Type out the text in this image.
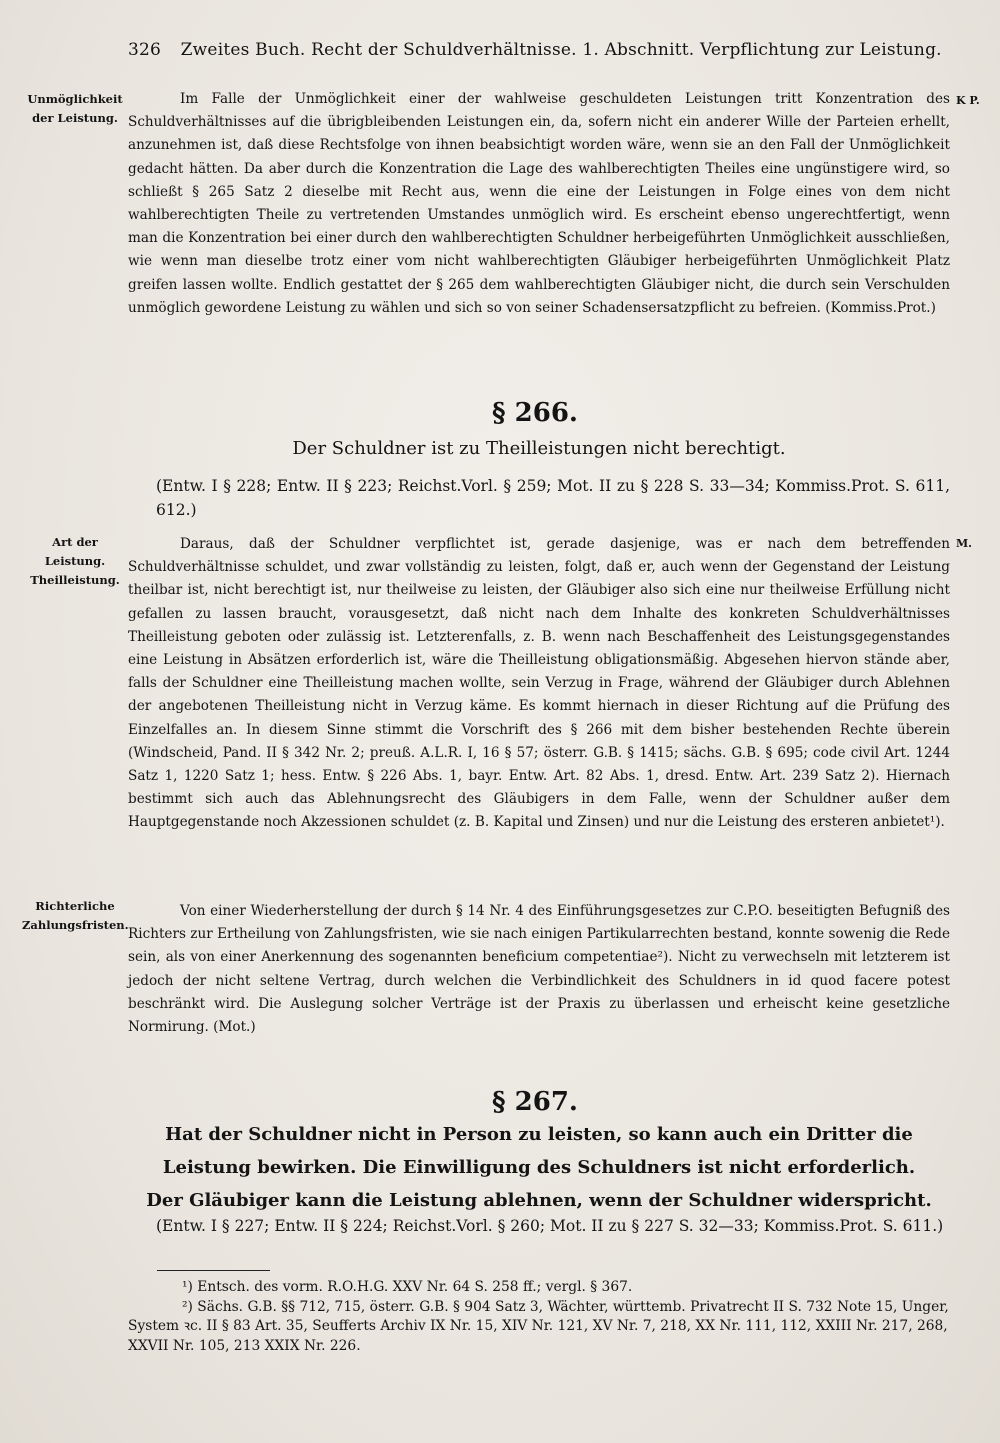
326 Zweites Buch. Recht der Schuldverhältnisse. 1. Abschnitt. Verpflichtung zur Leistung.
Unmöglichkeit der Leistung.
K P.

Im Falle der Unmöglichkeit einer der wahlweise geschuldeten Leistungen tritt Konzentration des Schuldverhältnisses auf die übrigbleibenden Leistungen ein, da, sofern nicht ein anderer Wille der Parteien erhellt, anzunehmen ist, daß diese Rechtsfolge von ihnen beabsichtigt worden wäre, wenn sie an den Fall der Unmöglichkeit gedacht hätten. Da aber durch die Konzentration die Lage des wahlberechtigten Theiles eine ungünstigere wird, so schließt § 265 Satz 2 dieselbe mit Recht aus, wenn die eine der Leistungen in Folge eines von dem nicht wahlberechtigten Theile zu vertretenden Umstandes unmöglich wird. Es erscheint ebenso ungerechtfertigt, wenn man die Konzentration bei einer durch den wahlberechtigten Schuldner herbeigeführten Unmöglichkeit ausschließen, wie wenn man dieselbe trotz einer vom nicht wahlberechtigten Gläubiger herbeigeführten Unmöglichkeit Platz greifen lassen wollte. Endlich gestattet der § 265 dem wahlberechtigten Gläubiger nicht, die durch sein Verschulden unmöglich gewordene Leistung zu wählen und sich so von seiner Schadensersatzpflicht zu befreien. (Kommiss.Prot.)

§ 266.
Der Schuldner ist zu Theilleistungen nicht berechtigt.
(Entw. I § 228; Entw. II § 223; Reichst.Vorl. § 259; Mot. II zu § 228 S. 33—34; Kommiss.Prot. S. 611, 612.)
Art der Leistung. Theilleistung.
M.

Daraus, daß der Schuldner verpflichtet ist, gerade dasjenige, was er nach dem betreffenden Schuldverhältnisse schuldet, und zwar vollständig zu leisten, folgt, daß er, auch wenn der Gegenstand der Leistung theilbar ist, nicht berechtigt ist, nur theilweise zu leisten, der Gläubiger also sich eine nur theilweise Erfüllung nicht gefallen zu lassen braucht, vorausgesetzt, daß nicht nach dem Inhalte des konkreten Schuldverhältnisses Theilleistung geboten oder zulässig ist. Letzterenfalls, z. B. wenn nach Beschaffenheit des Leistungsgegenstandes eine Leistung in Absätzen erforderlich ist, wäre die Theilleistung obligationsmäßig. Abgesehen hiervon stände aber, falls der Schuldner eine Theilleistung machen wollte, sein Verzug in Frage, während der Gläubiger durch Ablehnen der angebotenen Theilleistung nicht in Verzug käme. Es kommt hiernach in dieser Richtung auf die Prüfung des Einzelfalles an. In diesem Sinne stimmt die Vorschrift des § 266 mit dem bisher bestehenden Rechte überein (Windscheid, Pand. II § 342 Nr. 2; preuß. A.L.R. I, 16 § 57; österr. G.B. § 1415; sächs. G.B. § 695; code civil Art. 1244 Satz 1, 1220 Satz 1; hess. Entw. § 226 Abs. 1, bayr. Entw. Art. 82 Abs. 1, dresd. Entw. Art. 239 Satz 2). Hiernach bestimmt sich auch das Ablehnungsrecht des Gläubigers in dem Falle, wenn der Schuldner außer dem Hauptgegenstande noch Akzessionen schuldet (z. B. Kapital und Zinsen) und nur die Leistung des ersteren anbietet¹).

Richterliche Zahlungsfristen.

Von einer Wiederherstellung der durch § 14 Nr. 4 des Einführungsgesetzes zur C.P.O. beseitigten Befugniß des Richters zur Ertheilung von Zahlungsfristen, wie sie nach einigen Partikularrechten bestand, konnte sowenig die Rede sein, als von einer Anerkennung des sogenannten beneficium competentiae²). Nicht zu verwechseln mit letzterem ist jedoch der nicht seltene Vertrag, durch welchen die Verbindlichkeit des Schuldners in id quod facere potest beschränkt wird. Die Auslegung solcher Verträge ist der Praxis zu überlassen und erheischt keine gesetzliche Normirung. (Mot.)

§ 267.
Hat der Schuldner nicht in Person zu leisten, so kann auch ein Dritter die Leistung bewirken. Die Einwilligung des Schuldners ist nicht erforderlich.
Der Gläubiger kann die Leistung ablehnen, wenn der Schuldner widerspricht.
(Entw. I § 227; Entw. II § 224; Reichst.Vorl. § 260; Mot. II zu § 227 S. 32—33; Kommiss.Prot. S. 611.)
¹) Entsch. des vorm. R.O.H.G. XXV Nr. 64 S. 258 ff.; vergl. § 367.
²) Sächs. G.B. §§ 712, 715, österr. G.B. § 904 Satz 3, Wächter, württemb. Privatrecht II S. 732 Note 15, Unger, System ꝛc. II § 83 Art. 35, Seufferts Archiv IX Nr. 15, XIV Nr. 121, XV Nr. 7, 218, XX Nr. 111, 112, XXIII Nr. 217, 268, XXVII Nr. 105, 213 XXIX Nr. 226.
